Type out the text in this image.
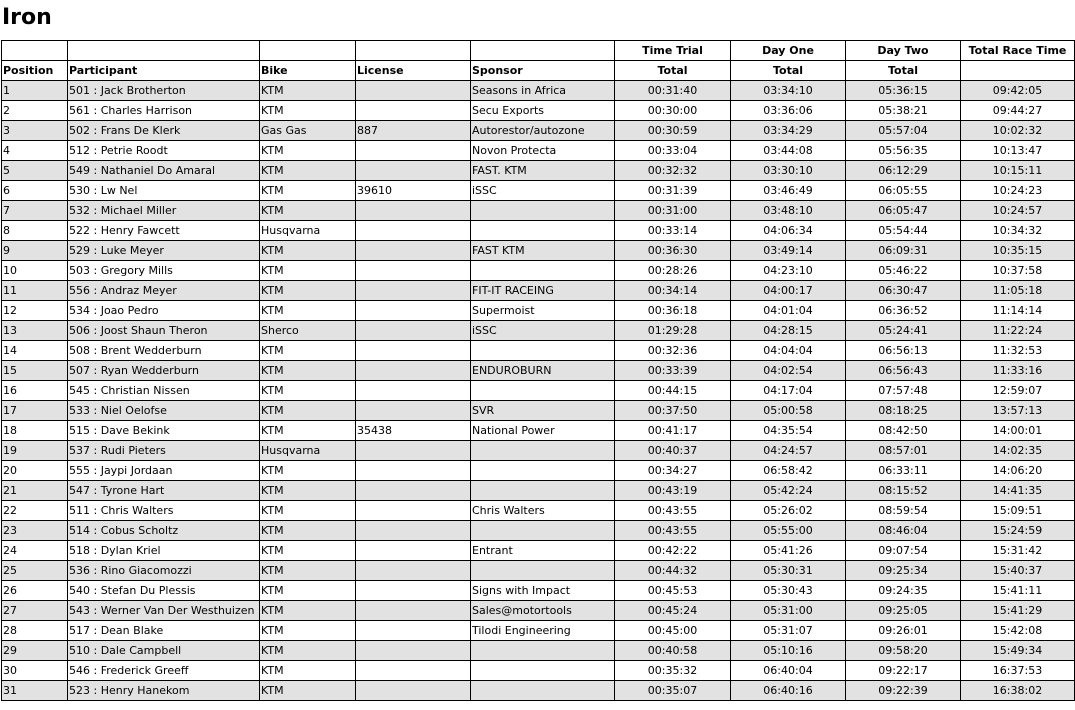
Iron
					Time Trial	Day One	Day Two	Total Race Time
Position	Participant	Bike	License	Sponsor	Total	Total	Total	
1	501 : Jack Brotherton	KTM		Seasons in Africa	00:31:40	03:34:10	05:36:15	09:42:05
2	561 : Charles Harrison	KTM		Secu Exports	00:30:00	03:36:06	05:38:21	09:44:27
3	502 : Frans De Klerk	Gas Gas	887	Autorestor/autozone	00:30:59	03:34:29	05:57:04	10:02:32
4	512 : Petrie Roodt	KTM		Novon Protecta	00:33:04	03:44:08	05:56:35	10:13:47
5	549 : Nathaniel Do Amaral	KTM		FAST. KTM	00:32:32	03:30:10	06:12:29	10:15:11
6	530 : Lw Nel	KTM	39610	iSSC	00:31:39	03:46:49	06:05:55	10:24:23
7	532 : Michael Miller	KTM			00:31:00	03:48:10	06:05:47	10:24:57
8	522 : Henry Fawcett	Husqvarna			00:33:14	04:06:34	05:54:44	10:34:32
9	529 : Luke Meyer	KTM		FAST KTM	00:36:30	03:49:14	06:09:31	10:35:15
10	503 : Gregory Mills	KTM			00:28:26	04:23:10	05:46:22	10:37:58
11	556 : Andraz Meyer	KTM		FIT-IT RACEING	00:34:14	04:00:17	06:30:47	11:05:18
12	534 : Joao Pedro	KTM		Supermoist	00:36:18	04:01:04	06:36:52	11:14:14
13	506 : Joost Shaun Theron	Sherco		iSSC	01:29:28	04:28:15	05:24:41	11:22:24
14	508 : Brent Wedderburn	KTM			00:32:36	04:04:04	06:56:13	11:32:53
15	507 : Ryan Wedderburn	KTM		ENDUROBURN	00:33:39	04:02:54	06:56:43	11:33:16
16	545 : Christian Nissen	KTM			00:44:15	04:17:04	07:57:48	12:59:07
17	533 : Niel Oelofse	KTM		SVR	00:37:50	05:00:58	08:18:25	13:57:13
18	515 : Dave Bekink	KTM	35438	National Power	00:41:17	04:35:54	08:42:50	14:00:01
19	537 : Rudi Pieters	Husqvarna			00:40:37	04:24:57	08:57:01	14:02:35
20	555 : Jaypi Jordaan	KTM			00:34:27	06:58:42	06:33:11	14:06:20
21	547 : Tyrone Hart	KTM			00:43:19	05:42:24	08:15:52	14:41:35
22	511 : Chris Walters	KTM		Chris Walters	00:43:55	05:26:02	08:59:54	15:09:51
23	514 : Cobus Scholtz	KTM			00:43:55	05:55:00	08:46:04	15:24:59
24	518 : Dylan Kriel	KTM		Entrant	00:42:22	05:41:26	09:07:54	15:31:42
25	536 : Rino Giacomozzi	KTM			00:44:32	05:30:31	09:25:34	15:40:37
26	540 : Stefan Du Plessis	KTM		Signs with Impact	00:45:53	05:30:43	09:24:35	15:41:11
27	543 : Werner Van Der Westhuizen	KTM		Sales@motortools	00:45:24	05:31:00	09:25:05	15:41:29
28	517 : Dean Blake	KTM		Tilodi Engineering	00:45:00	05:31:07	09:26:01	15:42:08
29	510 : Dale Campbell	KTM			00:40:58	05:10:16	09:58:20	15:49:34
30	546 : Frederick Greeff	KTM			00:35:32	06:40:04	09:22:17	16:37:53
31	523 : Henry Hanekom	KTM			00:35:07	06:40:16	09:22:39	16:38:02
